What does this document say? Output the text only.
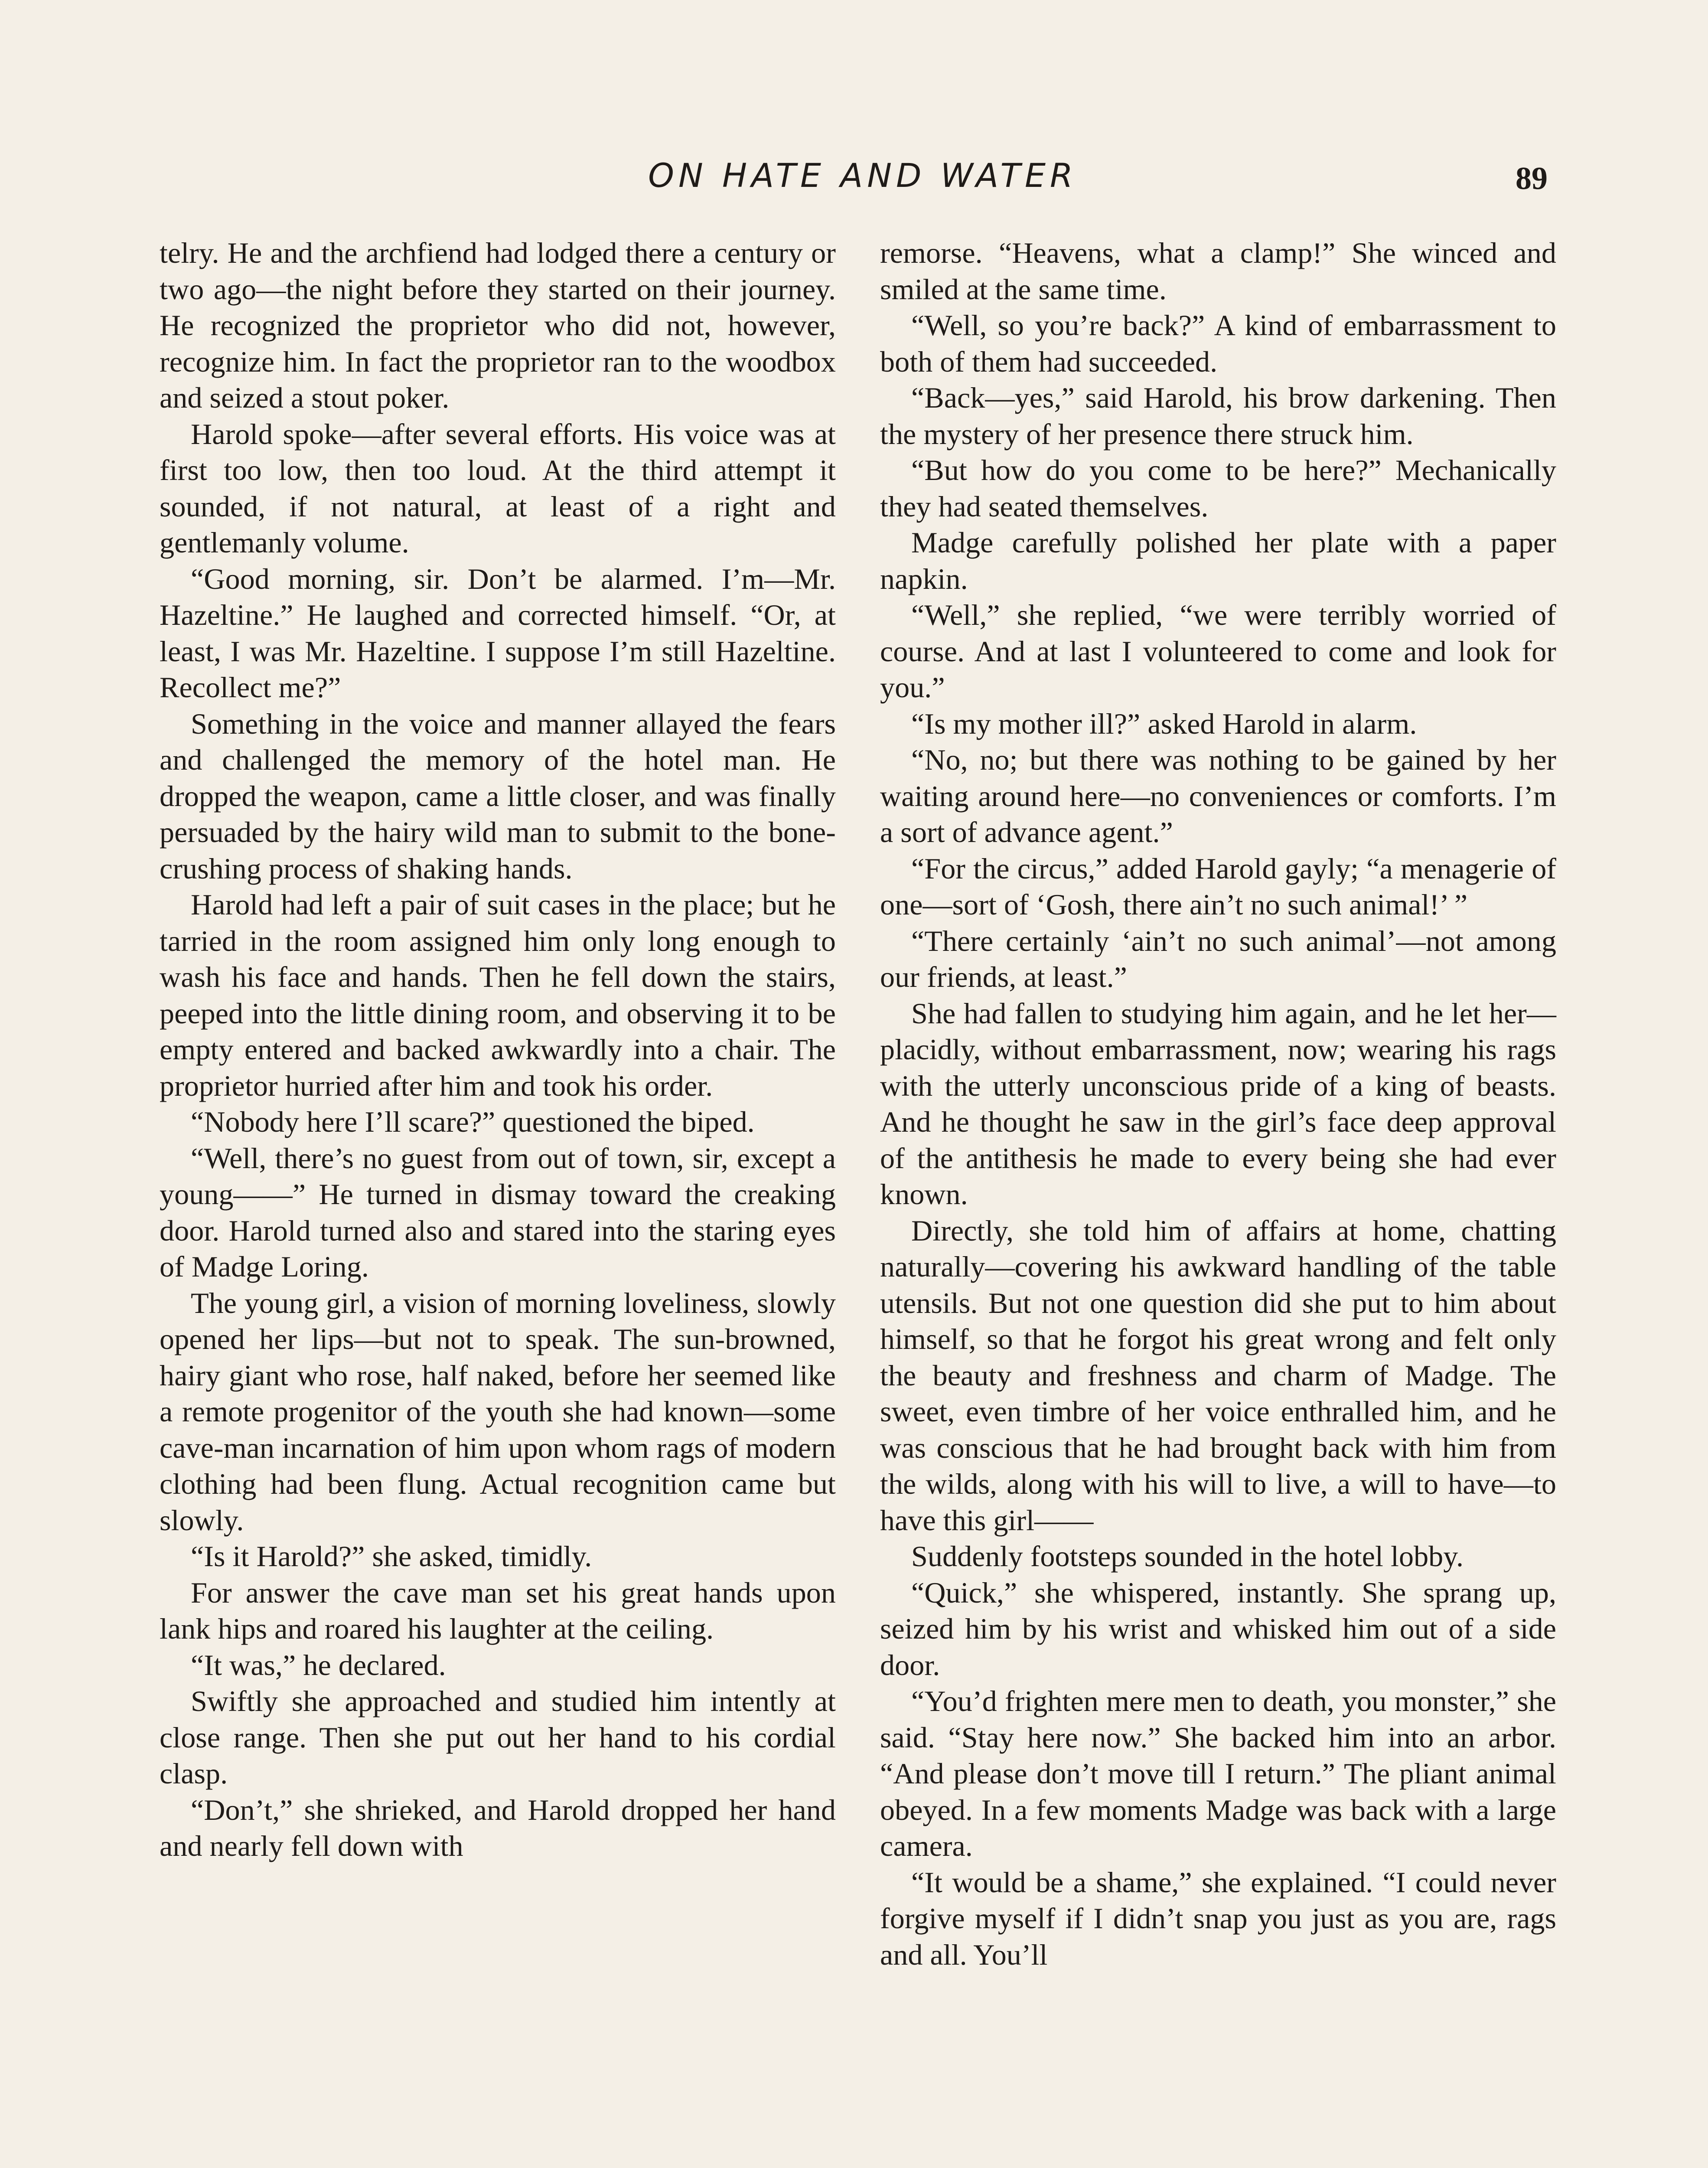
ON HATE AND WATER	89

telry. He and the archfiend had lodged there a century or two ago—the night before they started on their journey. He recognized the proprietor who did not, however, recognize him. In fact the proprietor ran to the woodbox and seized a stout poker.

Harold spoke—after several efforts. His voice was at first too low, then too loud. At the third attempt it sounded, if not natural, at least of a right and gentlemanly volume.

“Good morning, sir. Don’t be alarmed. I’m—Mr. Hazeltine.” He laughed and corrected himself. “Or, at least, I was Mr. Hazeltine. I suppose I’m still Hazeltine. Recollect me?”

Something in the voice and manner allayed the fears and challenged the memory of the hotel man. He dropped the weapon, came a little closer, and was finally persuaded by the hairy wild man to submit to the bone-crushing process of shaking hands.

Harold had left a pair of suit cases in the place; but he tarried in the room assigned him only long enough to wash his face and hands. Then he fell down the stairs, peeped into the little dining room, and observing it to be empty entered and backed awkwardly into a chair. The proprietor hurried after him and took his order.

“Nobody here I’ll scare?” questioned the biped.

“Well, there’s no guest from out of town, sir, except a young——” He turned in dismay toward the creaking door. Harold turned also and stared into the staring eyes of Madge Loring.

The young girl, a vision of morning loveliness, slowly opened her lips—but not to speak. The sun-browned, hairy giant who rose, half naked, before her seemed like a remote progenitor of the youth she had known—some cave-man incarnation of him upon whom rags of modern clothing had been flung. Actual recognition came but slowly.

“Is it Harold?” she asked, timidly.

For answer the cave man set his great hands upon lank hips and roared his laughter at the ceiling.

“It was,” he declared.

Swiftly she approached and studied him intently at close range. Then she put out her hand to his cordial clasp.

“Don’t,” she shrieked, and Harold dropped her hand and nearly fell down with

remorse. “Heavens, what a clamp!” She winced and smiled at the same time.

“Well, so you’re back?” A kind of embarrassment to both of them had succeeded.

“Back—yes,” said Harold, his brow darkening. Then the mystery of her presence there struck him.

“But how do you come to be here?” Mechanically they had seated themselves.

Madge carefully polished her plate with a paper napkin.

“Well,” she replied, “we were terribly worried of course. And at last I volunteered to come and look for you.”

“Is my mother ill?” asked Harold in alarm.

“No, no; but there was nothing to be gained by her waiting around here—no conveniences or comforts. I’m a sort of advance agent.”

“For the circus,” added Harold gayly; “a menagerie of one—sort of ‘Gosh, there ain’t no such animal!’ ”

“There certainly ‘ain’t no such animal’—not among our friends, at least.”

She had fallen to studying him again, and he let her—placidly, without embarrassment, now; wearing his rags with the utterly unconscious pride of a king of beasts. And he thought he saw in the girl’s face deep approval of the antithesis he made to every being she had ever known.

Directly, she told him of affairs at home, chatting naturally—covering his awkward handling of the table utensils. But not one question did she put to him about himself, so that he forgot his great wrong and felt only the beauty and freshness and charm of Madge. The sweet, even timbre of her voice enthralled him, and he was conscious that he had brought back with him from the wilds, along with his will to live, a will to have—to have this girl——

Suddenly footsteps sounded in the hotel lobby.

“Quick,” she whispered, instantly. She sprang up, seized him by his wrist and whisked him out of a side door.

“You’d frighten mere men to death, you monster,” she said. “Stay here now.” She backed him into an arbor. “And please don’t move till I return.” The pliant animal obeyed. In a few moments Madge was back with a large camera.

“It would be a shame,” she explained. “I could never forgive myself if I didn’t snap you just as you are, rags and all. You’ll
